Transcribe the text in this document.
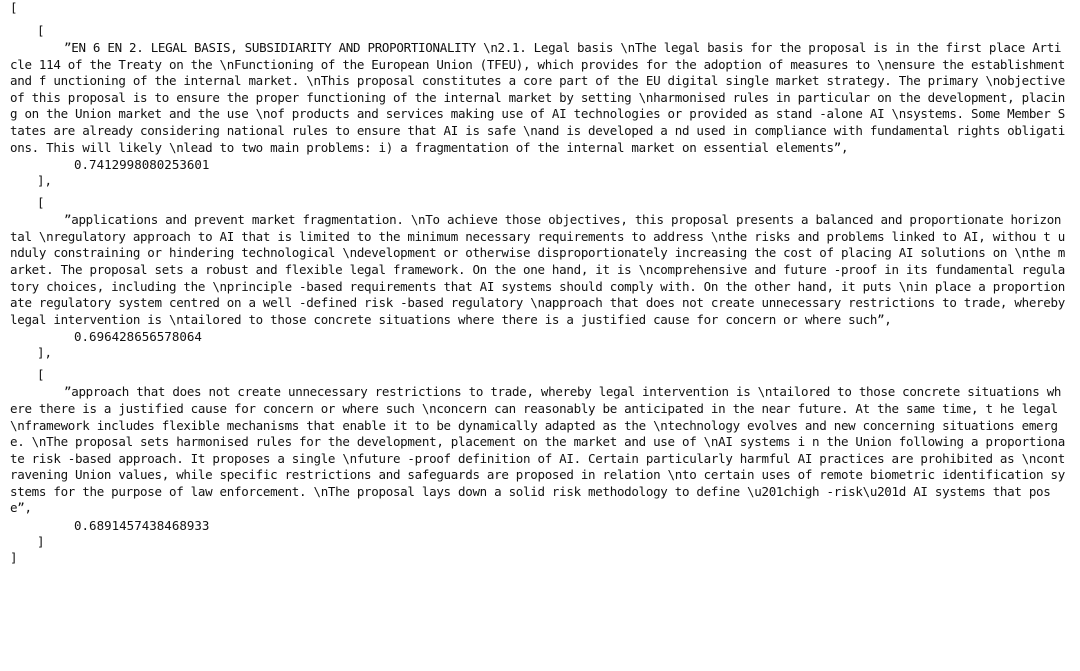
[
[

”EN 6 EN 2. LEGAL BASIS, SUBSIDIARITY AND PROPORTIONALITY \n2.1. Legal basis \nThe legal basis for the proposal is in the first place Article 114 of the Treaty on the \nFunctioning of the European Union (TFEU), which provides for the adoption of measures to \nensure the establishment and f unctioning of the internal market. \nThis proposal constitutes a core part of the EU digital single market strategy. The primary \nobjective of this proposal is to ensure the proper functioning of the internal market by setting \nharmonised rules in particular on the development, placing on the Union market and the use \nof products and services making use of AI technologies or provided as stand -alone AI \nsystems. Some Member States are already considering national rules to ensure that AI is safe \nand is developed a nd used in compliance with fundamental rights obligations. This will likely \nlead to two main problems: i) a fragmentation of the internal market on essential elements”,

0.7412998080253601
],
[

”applications and prevent market fragmentation. \nTo achieve those objectives, this proposal presents a balanced and proportionate horizontal \nregulatory approach to AI that is limited to the minimum necessary requirements to address \nthe risks and problems linked to AI, withou t unduly constraining or hindering technological \ndevelopment or otherwise disproportionately increasing the cost of placing AI solutions on \nthe market. The proposal sets a robust and flexible legal framework. On the one hand, it is \ncomprehensive and future -proof in its fundamental regulatory choices, including the \nprinciple -based requirements that AI systems should comply with. On the other hand, it puts \nin place a proportionate regulatory system centred on a well -defined risk -based regulatory \napproach that does not create unnecessary restrictions to trade, whereby legal intervention is \ntailored to those concrete situations where there is a justified cause for concern or where such”,

0.696428656578064
],
[

”approach that does not create unnecessary restrictions to trade, whereby legal intervention is \ntailored to those concrete situations where there is a justified cause for concern or where such \nconcern can reasonably be anticipated in the near future. At the same time, t he legal \nframework includes flexible mechanisms that enable it to be dynamically adapted as the \ntechnology evolves and new concerning situations emerge. \nThe proposal sets harmonised rules for the development, placement on the market and use of \nAI systems i n the Union following a proportionate risk -based approach. It proposes a single \nfuture -proof definition of AI. Certain particularly harmful AI practices are prohibited as \ncontravening Union values, while specific restrictions and safeguards are proposed in relation \nto certain uses of remote biometric identification systems for the purpose of law enforcement. \nThe proposal lays down a solid risk methodology to define \u201chigh -risk\u201d AI systems that pose”,

0.6891457438468933
]
]
